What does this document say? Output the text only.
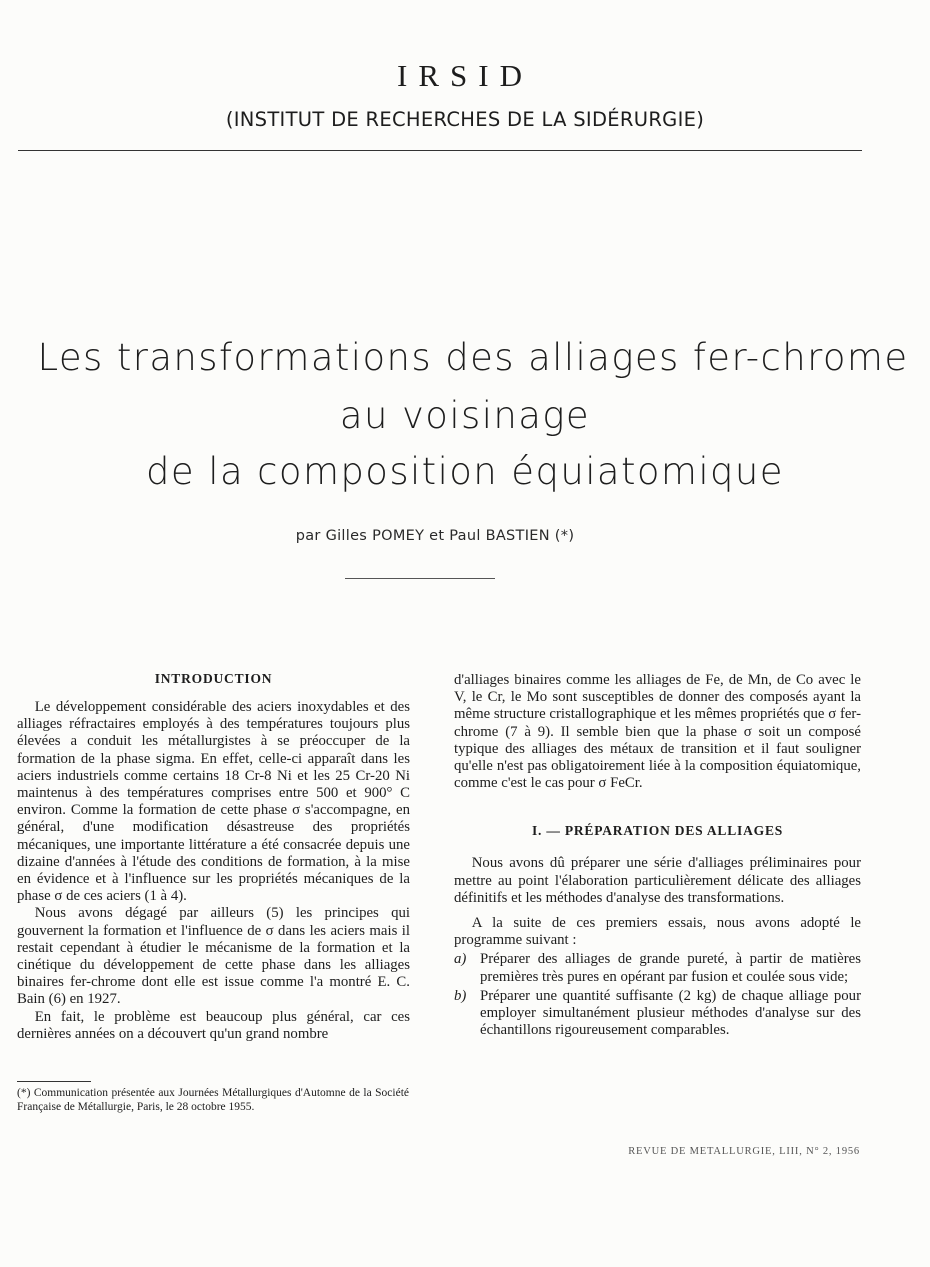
IRSID
(INSTITUT DE RECHERCHES DE LA SIDÉRURGIE)
Les transformations des alliages fer-chrome
au voisinage
de la composition équiatomique
par Gilles POMEY et Paul BASTIEN (*)
INTRODUCTION

Le développement considérable des aciers inoxydables et des alliages réfractaires employés à des températures toujours plus élevées a conduit les métallurgistes à se préoccuper de la formation de la phase sigma. En effet, celle-ci apparaît dans les aciers industriels comme certains 18 Cr-8 Ni et les 25 Cr-20 Ni maintenus à des températures comprises entre 500 et 900° C environ. Comme la formation de cette phase σ s'accompagne, en général, d'une modification désastreuse des propriétés mécaniques, une importante littérature a été consacrée depuis une dizaine d'années à l'étude des conditions de formation, à la mise en évidence et à l'influence sur les propriétés mécaniques de la phase σ de ces aciers (1 à 4).

Nous avons dégagé par ailleurs (5) les principes qui gouvernent la formation et l'influence de σ dans les aciers mais il restait cependant à étudier le mécanisme de la formation et la cinétique du développement de cette phase dans les alliages binaires fer-chrome dont elle est issue comme l'a montré E. C. Bain (6) en 1927.

En fait, le problème est beaucoup plus général, car ces dernières années on a découvert qu'un grand nombre

d'alliages binaires comme les alliages de Fe, de Mn, de Co avec le V, le Cr, le Mo sont susceptibles de donner des composés ayant la même structure cristallographique et les mêmes propriétés que σ fer-chrome (7 à 9). Il semble bien que la phase σ soit un composé typique des alliages des métaux de transition et il faut souligner qu'elle n'est pas obligatoirement liée à la composition équiatomique, comme c'est le cas pour σ FeCr.

I. — PRÉPARATION DES ALLIAGES

Nous avons dû préparer une série d'alliages préliminaires pour mettre au point l'élaboration particulièrement délicate des alliages définitifs et les méthodes d'analyse des transformations.

A la suite de ces premiers essais, nous avons adopté le programme suivant :

a) Préparer des alliages de grande pureté, à partir de matières premières très pures en opérant par fusion et coulée sous vide;
b) Préparer une quantité suffisante (2 kg) de chaque alliage pour employer simultanément plusieur méthodes d'analyse sur des échantillons rigoureusement comparables.
(*) Communication présentée aux Journées Métallurgiques d'Automne de la Société Française de Métallurgie, Paris, le 28 octobre 1955.
REVUE DE METALLURGIE, LIII, N° 2, 1956
